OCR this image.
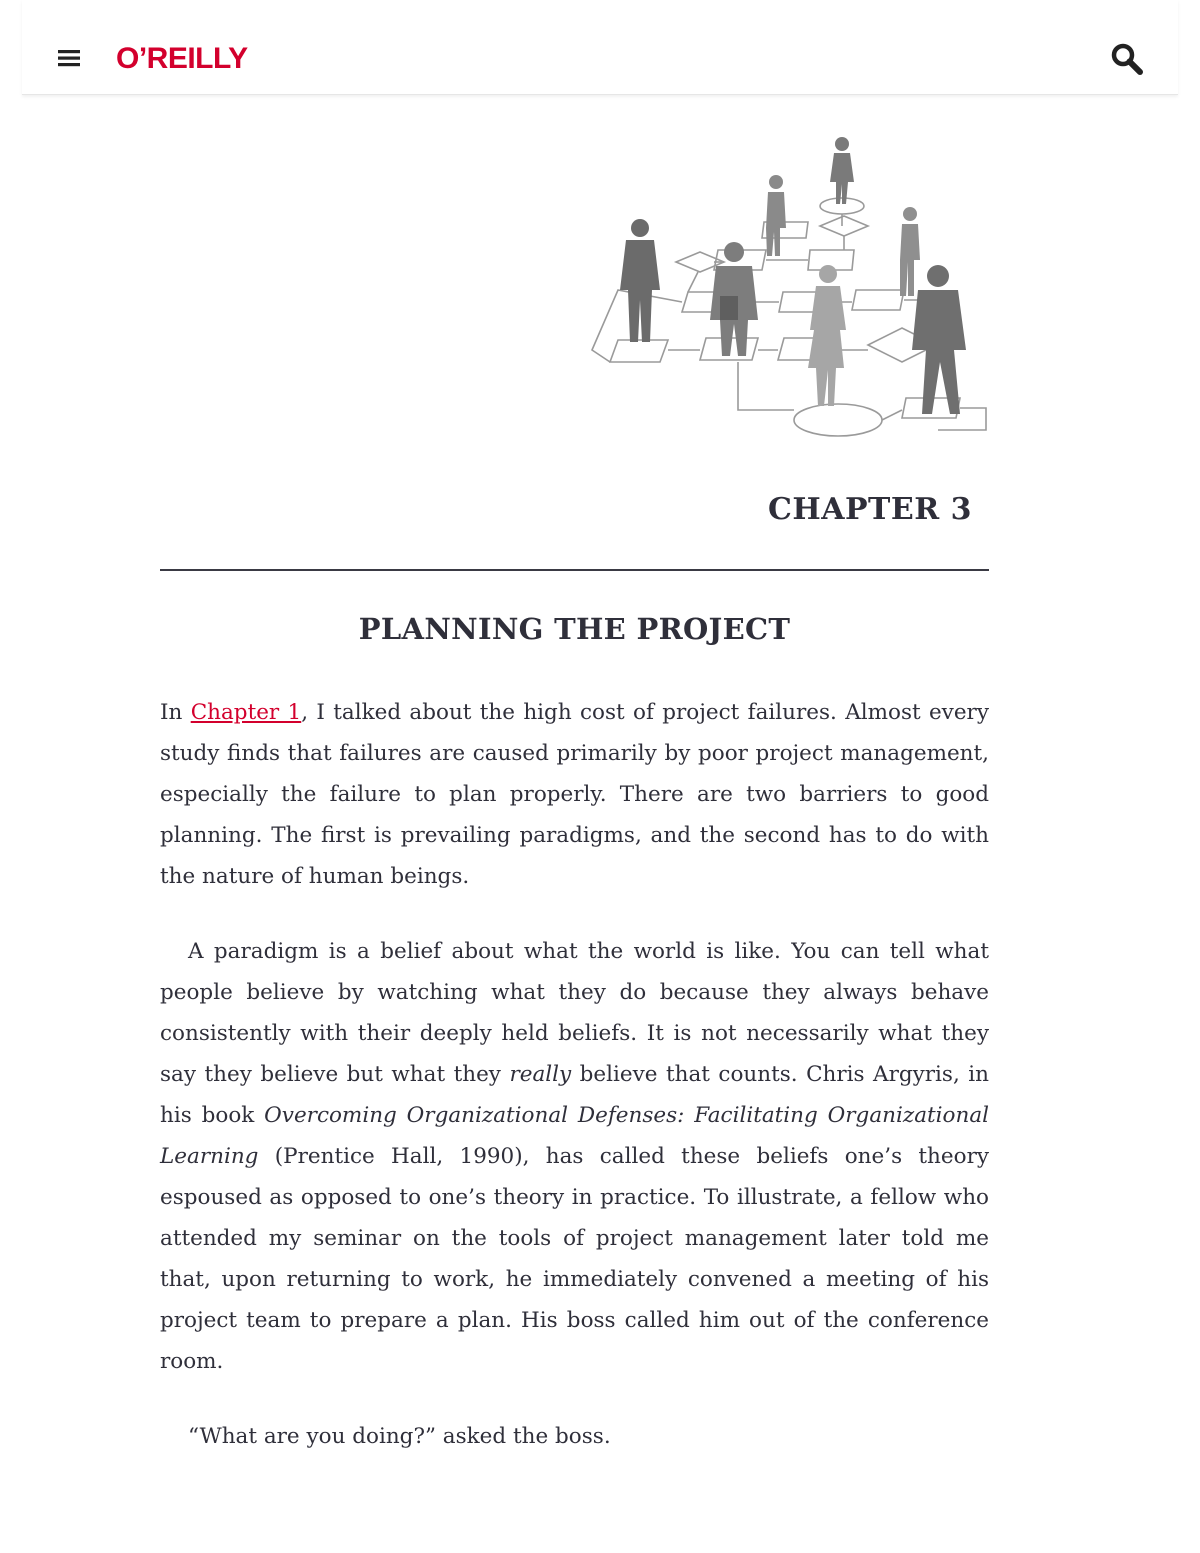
O’REILLY
CHAPTER 3
PLANNING THE PROJECT

In Chapter 1, I talked about the high cost of project failures. Almost every study finds that failures are caused primarily by poor project management, especially the failure to plan properly. There are two barriers to good planning. The first is prevailing paradigms, and the second has to do with the nature of human beings.

A paradigm is a belief about what the world is like. You can tell what people believe by watching what they do because they always behave consistently with their deeply held beliefs. It is not necessarily what they say they believe but what they really believe that counts. Chris Argyris, in his book Overcoming Organizational Defenses: Facilitating Organizational Learning (Prentice Hall, 1990), has called these beliefs one’s theory espoused as opposed to one’s theory in practice. To illustrate, a fellow who attended my seminar on the tools of project management later told me that, upon returning to work, he immediately convened a meeting of his project team to prepare a plan. His boss called him out of the conference room.

“What are you doing?” asked the boss.
